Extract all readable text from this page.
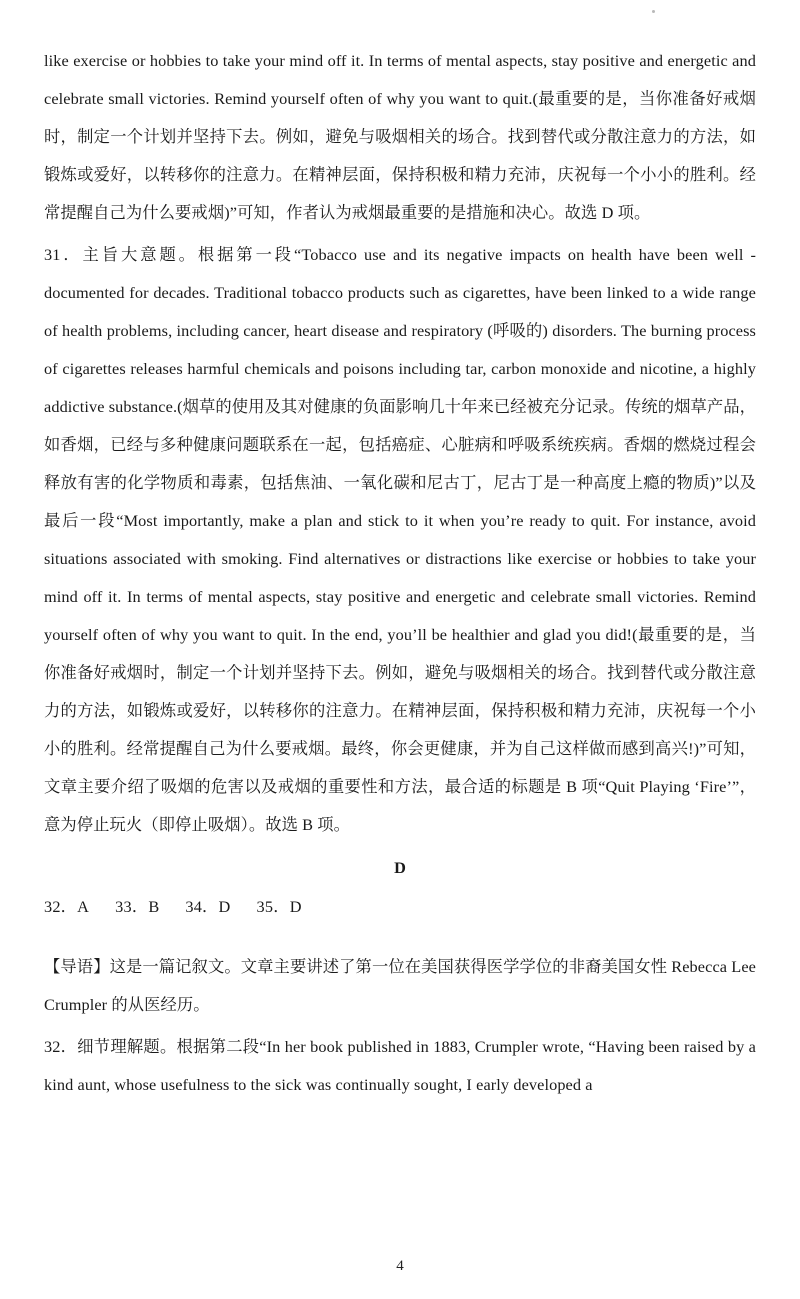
like exercise or hobbies to take your mind off it. In terms of mental aspects, stay positive and energetic and celebrate small victories. Remind yourself often of why you want to quit.(最重要的是，当你准备好戒烟时，制定一个计划并坚持下去。例如，避免与吸烟相关的场合。找到替代或分散注意力的方法，如锻炼或爱好，以转移你的注意力。在精神层面，保持积极和精力充沛，庆祝每一个小小的胜利。经常提醒自己为什么要戒烟)”可知，作者认为戒烟最重要的是措施和决心。故选 D 项。

31．主旨大意题。根据第一段“Tobacco use and its negative impacts on health have been well - documented for decades. Traditional tobacco products such as cigarettes, have been linked to a wide range of health problems, including cancer, heart disease and respiratory (呼吸的) disorders. The burning process of cigarettes releases harmful chemicals and poisons including tar, carbon monoxide and nicotine, a highly addictive substance.(烟草的使用及其对健康的负面影响几十年来已经被充分记录。传统的烟草产品，如香烟，已经与多种健康问题联系在一起，包括癌症、心脏病和呼吸系统疾病。香烟的燃烧过程会释放有害的化学物质和毒素，包括焦油、一氧化碳和尼古丁，尼古丁是一种高度上瘾的物质)”以及最后一段“Most importantly, make a plan and stick to it when you’re ready to quit. For instance, avoid situations associated with smoking. Find alternatives or distractions like exercise or hobbies to take your mind off it. In terms of mental aspects, stay positive and energetic and celebrate small victories. Remind yourself often of why you want to quit. In the end, you’ll be healthier and glad you did!(最重要的是，当你准备好戒烟时，制定一个计划并坚持下去。例如，避免与吸烟相关的场合。找到替代或分散注意力的方法，如锻炼或爱好，以转移你的注意力。在精神层面，保持积极和精力充沛，庆祝每一个小小的胜利。经常提醒自己为什么要戒烟。最终，你会更健康，并为自己这样做而感到高兴!)”可知，文章主要介绍了吸烟的危害以及戒烟的重要性和方法，最合适的标题是 B 项“Quit Playing ‘Fire’”，意为停止玩火（即停止吸烟）。故选 B 项。

D

32．A 33．B 34．D 35．D

【导语】这是一篇记叙文。文章主要讲述了第一位在美国获得医学学位的非裔美国女性 Rebecca Lee Crumpler 的从医经历。

32．细节理解题。根据第二段“In her book published in 1883, Crumpler wrote, “Having been raised by a kind aunt, whose usefulness to the sick was continually sought, I early developed a

4
